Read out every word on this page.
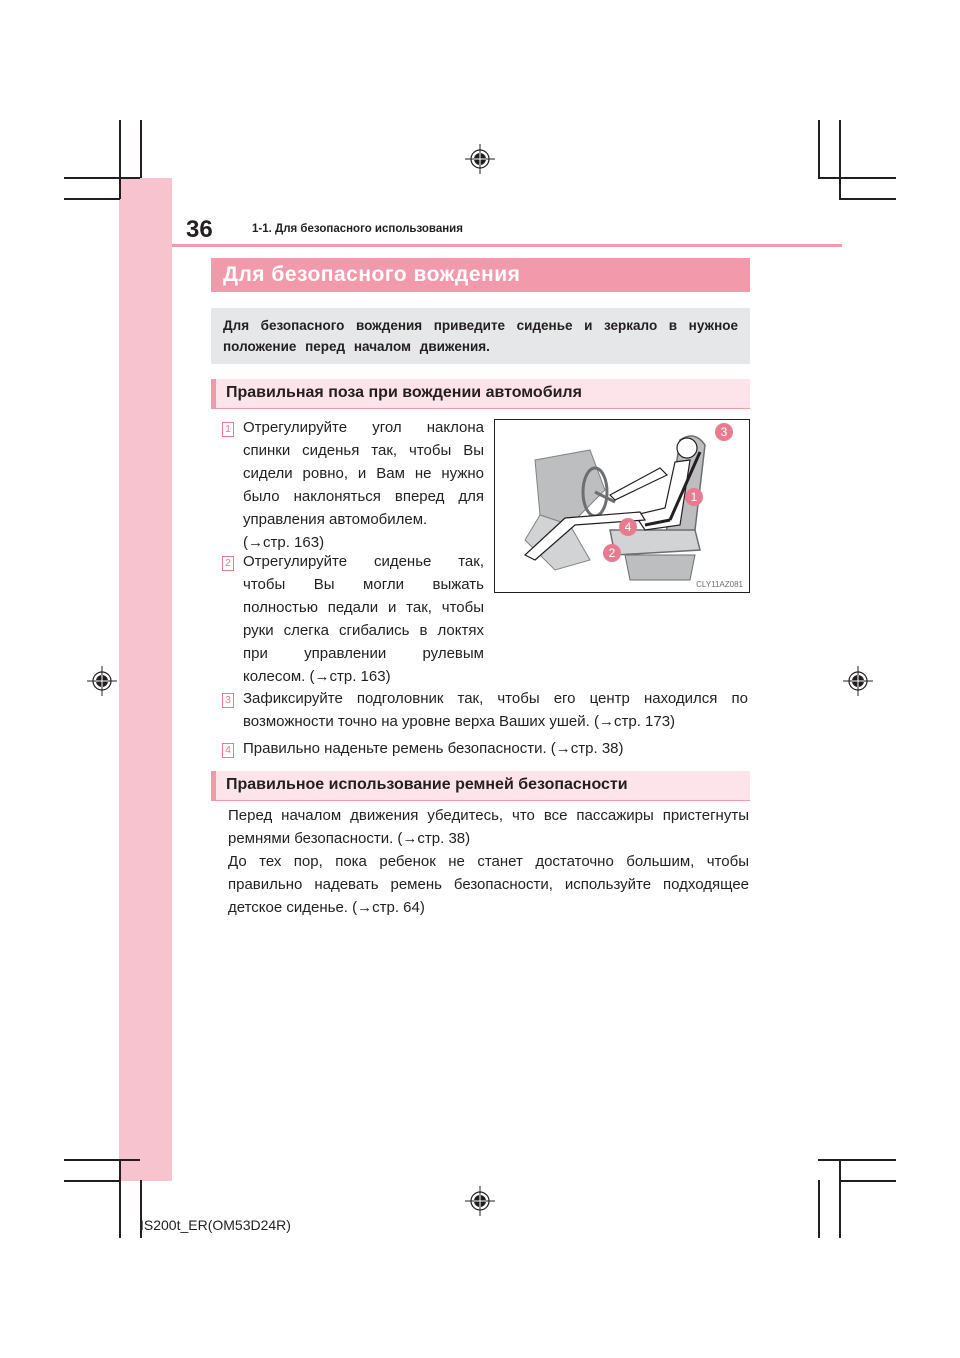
36	1-1. Для безопасного использования
Для безопасного вождения
Для безопасного вождения приведите сиденье и зеркало в нужное положение перед началом движения.
Правильная поза при вождении автомобиля
1 Отрегулируйте угол наклона
спинки сиденья так, чтобы Вы
сидели ровно, и Вам не нужно
было наклоняться вперед для
управления автомобилем.
(→стр. 163)
2 Отрегулируйте сиденье так,
чтобы Вы могли выжать
полностью педали и так, чтобы
руки слегка сгибались в локтях
при управлении рулевым
колесом. (→стр. 163)
3
1
4
2
CLY11AZ081
3 Зафиксируйте подголовник так, чтобы его центр находился по
возможности точно на уровне верха Ваших ушей. (→стр. 173)
4 Правильно наденьте ремень безопасности. (→стр. 38)
Правильное использование ремней безопасности
Перед началом движения убедитесь, что все пассажиры пристегнуты
ремнями безопасности. (→стр. 38)
До тех пор, пока ребенок не станет достаточно большим, чтобы
правильно надевать ремень безопасности, используйте подходящее
детское сиденье. (→стр. 64)
IS200t_ER(OM53D24R)
